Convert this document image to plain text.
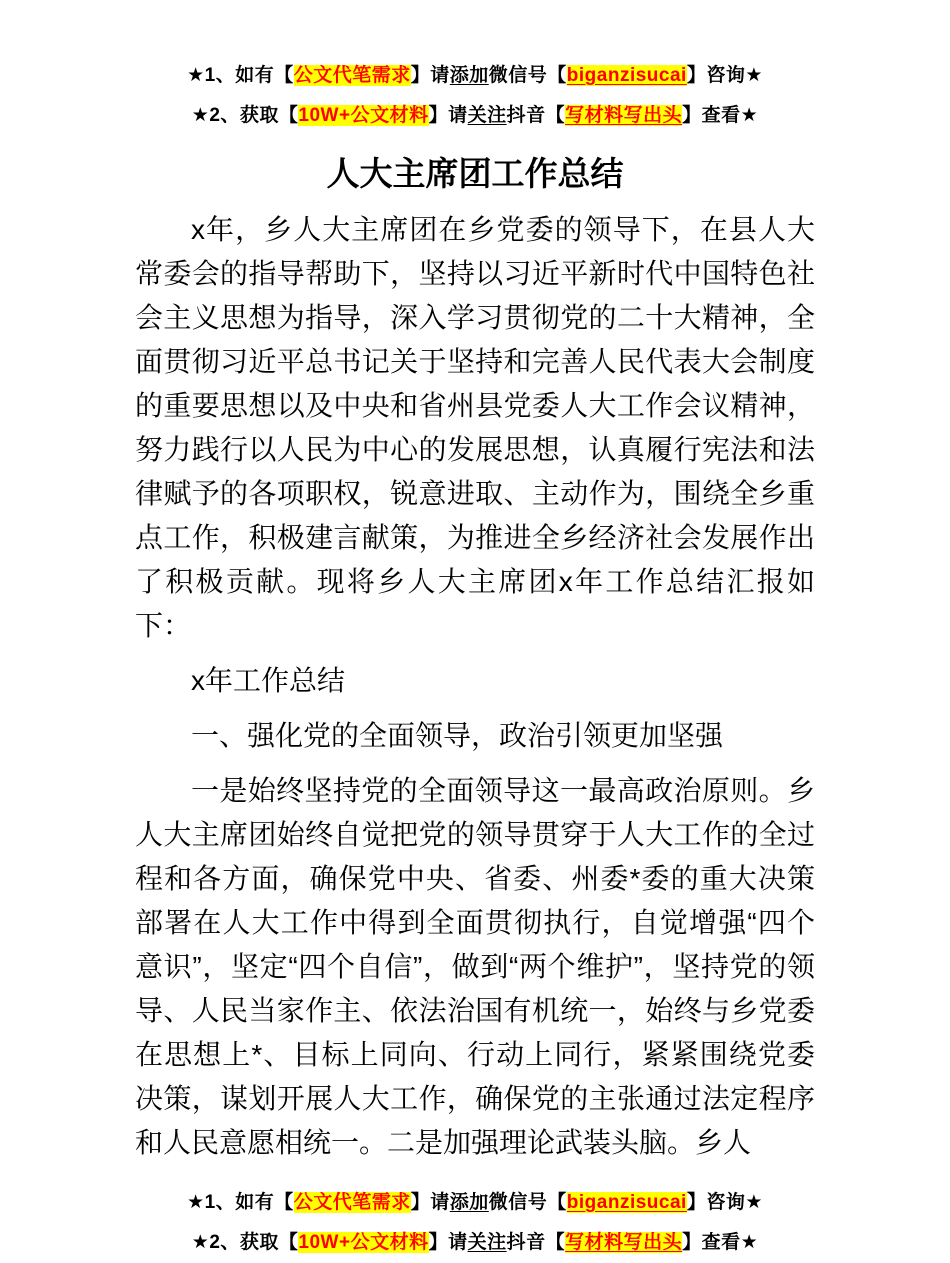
★1、如有【公文代笔需求】请添加微信号【biganzisucai】咨询★
★2、获取【10W+公文材料】请关注抖音【写材料写出头】查看★
人大主席团工作总结

x年，乡人大主席团在乡党委的领导下，在县人大常委会的指导帮助下，坚持以习近平新时代中国特色社会主义思想为指导，深入学习贯彻党的二十大精神，全面贯彻习近平总书记关于坚持和完善人民代表大会制度的重要思想以及中央和省州县党委人大工作会议精神，努力践行以人民为中心的发展思想，认真履行宪法和法律赋予的各项职权，锐意进取、主动作为，围绕全乡重点工作，积极建言献策，为推进全乡经济社会发展作出了积极贡献。现将乡人大主席团x年工作总结汇报如下：

x年工作总结

一、强化党的全面领导，政治引领更加坚强

一是始终坚持党的全面领导这一最高政治原则。乡人大主席团始终自觉把党的领导贯穿于人大工作的全过程和各方面，确保党中央、省委、州委*委的重大决策部署在人大工作中得到全面贯彻执行，自觉增强“四个意识”，坚定“四个自信”，做到“两个维护”，坚持党的领导、人民当家作主、依法治国有机统一，始终与乡党委在思想上*、目标上同向、行动上同行，紧紧围绕党委决策，谋划开展人大工作，确保党的主张通过法定程序和人民意愿相统一。二是加强理论武装头脑。乡人

★1、如有【公文代笔需求】请添加微信号【biganzisucai】咨询★
★2、获取【10W+公文材料】请关注抖音【写材料写出头】查看★
